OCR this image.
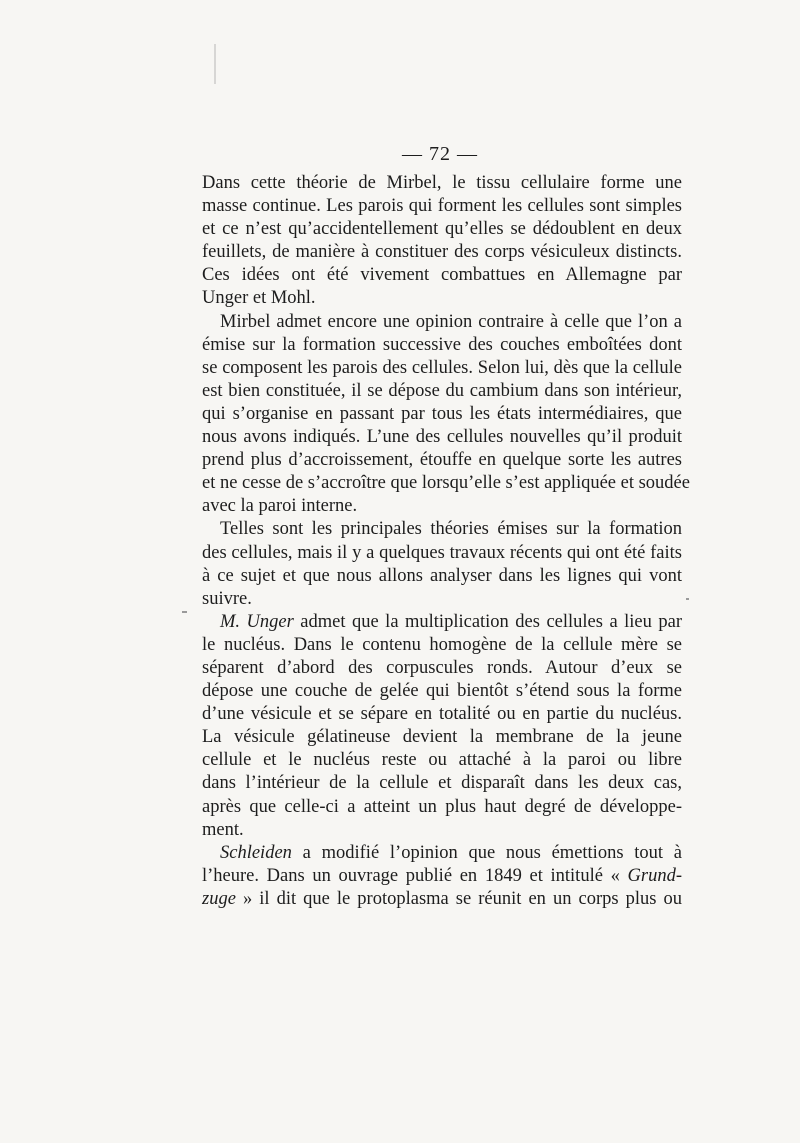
— 72 —
Dans cette théorie de Mirbel, le tissu cellulaire forme une
masse continue. Les parois qui forment les cellules sont simples
et ce n’est qu’accidentellement qu’elles se dédoublent en deux
feuillets, de manière à constituer des corps vésiculeux distincts.
Ces idées ont été vivement combattues en Allemagne par
Unger et Mohl.
Mirbel admet encore une opinion contraire à celle que l’on a
émise sur la formation successive des couches emboîtées dont
se composent les parois des cellules. Selon lui, dès que la cellule
est bien constituée, il se dépose du cambium dans son intérieur,
qui s’organise en passant par tous les états intermédiaires, que
nous avons indiqués. L’une des cellules nouvelles qu’il produit
prend plus d’accroissement, étouffe en quelque sorte les autres
et ne cesse de s’accroître que lorsqu’elle s’est appliquée et soudée
avec la paroi interne.
Telles sont les principales théories émises sur la formation
des cellules, mais il y a quelques travaux récents qui ont été faits
à ce sujet et que nous allons analyser dans les lignes qui vont
suivre.
M. Unger admet que la multiplication des cellules a lieu par
le nucléus. Dans le contenu homogène de la cellule mère se
séparent d’abord des corpuscules ronds. Autour d’eux se
dépose une couche de gelée qui bientôt s’étend sous la forme
d’une vésicule et se sépare en totalité ou en partie du nucléus.
La vésicule gélatineuse devient la membrane de la jeune
cellule et le nucléus reste ou attaché à la paroi ou libre
dans l’intérieur de la cellule et disparaît dans les deux cas,
après que celle-ci a atteint un plus haut degré de développe-
ment.
Schleiden a modifié l’opinion que nous émettions tout à
l’heure. Dans un ouvrage publié en 1849 et intitulé « Grund-
zuge » il dit que le protoplasma se réunit en un corps plus ou
